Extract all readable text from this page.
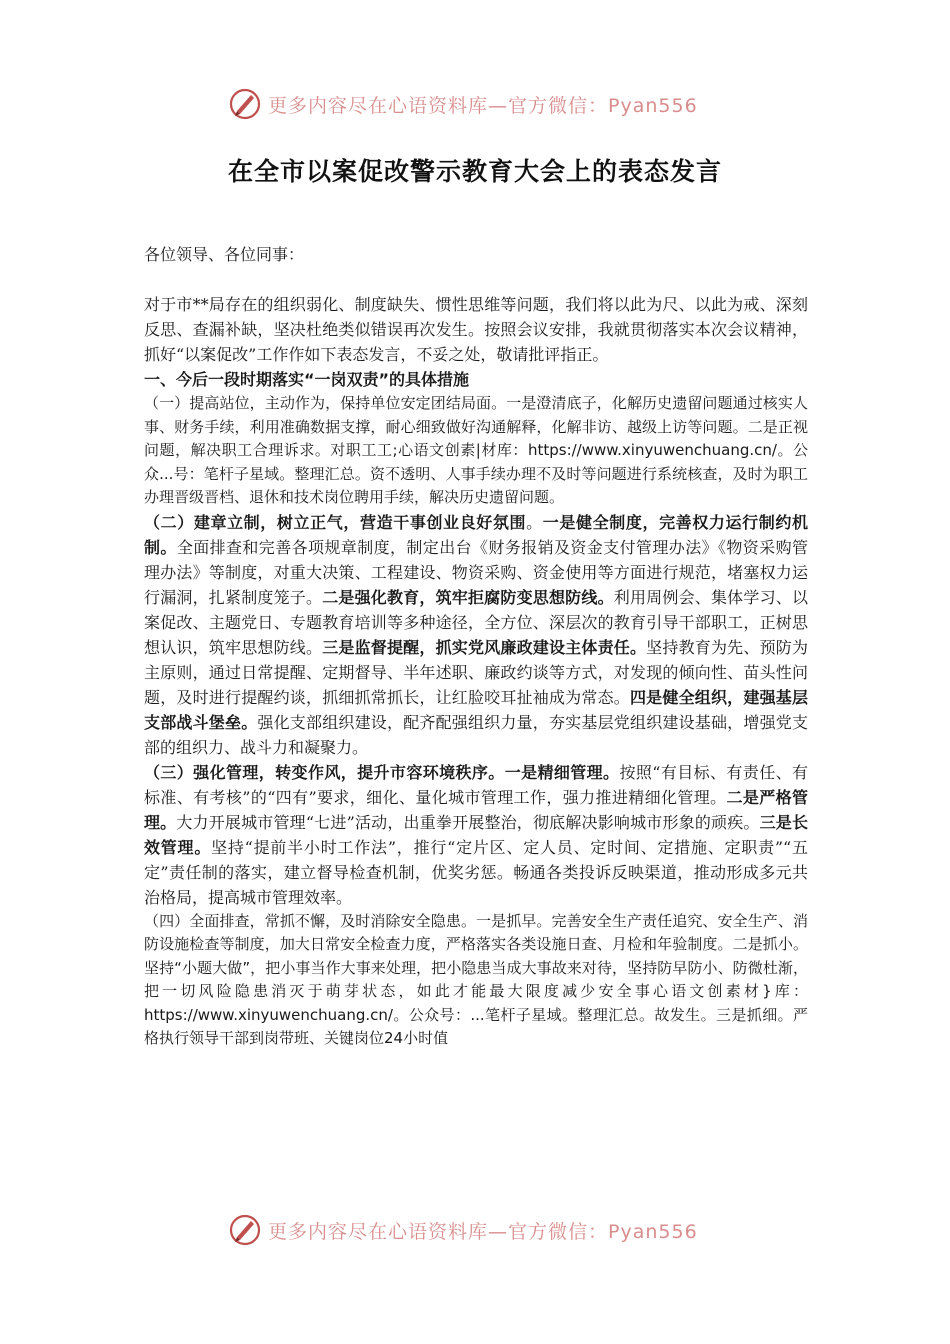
更多内容尽在心语资料库—官方微信：Pyan556
在全市以案促改警示教育大会上的表态发言

各位领导、各位同事：

对于市**局存在的组织弱化、制度缺失、惯性思维等问题，我们将以此为尺、以此为戒、深刻反思、查漏补缺，坚决杜绝类似错误再次发生。按照会议安排，我就贯彻落实本次会议精神，抓好“以案促改”工作作如下表态发言，不妥之处，敬请批评指正。

一、今后一段时期落实“一岗双责”的具体措施

（一）提高站位，主动作为，保持单位安定团结局面。一是澄清底子，化解历史遗留问题通过核实人事、财务手续，利用准确数据支撑，耐心细致做好沟通解释，化解非访、越级上访等问题。二是正视问题，解决职工合理诉求。对职工工;心语文创素|材库：https://www.xinyuwenchuang.cn/。公众...号：笔杆子星域。整理汇总。资不透明、人事手续办理不及时等问题进行系统核查，及时为职工办理晋级晋档、退休和技术岗位聘用手续，解决历史遗留问题。

（二）建章立制，树立正气，营造干事创业良好氛围。一是健全制度，完善权力运行制约机制。全面排查和完善各项规章制度，制定出台《财务报销及资金支付管理办法》《物资采购管理办法》等制度，对重大决策、工程建设、物资采购、资金使用等方面进行规范，堵塞权力运行漏洞，扎紧制度笼子。二是强化教育，筑牢拒腐防变思想防线。利用周例会、集体学习、以案促改、主题党日、专题教育培训等多种途径，全方位、深层次的教育引导干部职工，正树思想认识，筑牢思想防线。三是监督提醒，抓实党风廉政建设主体责任。坚持教育为先、预防为主原则，通过日常提醒、定期督导、半年述职、廉政约谈等方式，对发现的倾向性、苗头性问题，及时进行提醒约谈，抓细抓常抓长，让红脸咬耳扯袖成为常态。四是健全组织，建强基层支部战斗堡垒。强化支部组织建设，配齐配强组织力量，夯实基层党组织建设基础，增强党支部的组织力、战斗力和凝聚力。

（三）强化管理，转变作风，提升市容环境秩序。一是精细管理。按照“有目标、有责任、有标准、有考核”的“四有”要求，细化、量化城市管理工作，强力推进精细化管理。二是严格管理。大力开展城市管理“七进”活动，出重拳开展整治，彻底解决影响城市形象的顽疾。三是长效管理。坚持“提前半小时工作法”，推行“定片区、定人员、定时间、定措施、定职责”“五定”责任制的落实，建立督导检查机制，优奖劣惩。畅通各类投诉反映渠道，推动形成多元共治格局，提高城市管理效率。

（四）全面排查，常抓不懈，及时消除安全隐患。一是抓早。完善安全生产责任追究、安全生产、消防设施检查等制度，加大日常安全检查力度，严格落实各类设施日查、月检和年验制度。二是抓小。坚持“小题大做”，把小事当作大事来处理，把小隐患当成大事故来对待，坚持防早防小、防微杜渐，把一切风险隐患消灭于萌芽状态，如此才能最大限度减少安全事心语文创素材}库：https://www.xinyuwenchuang.cn/。公众号：...笔杆子星域。整理汇总。故发生。三是抓细。严格执行领导干部到岗带班、关键岗位24小时值

更多内容尽在心语资料库—官方微信：Pyan556
